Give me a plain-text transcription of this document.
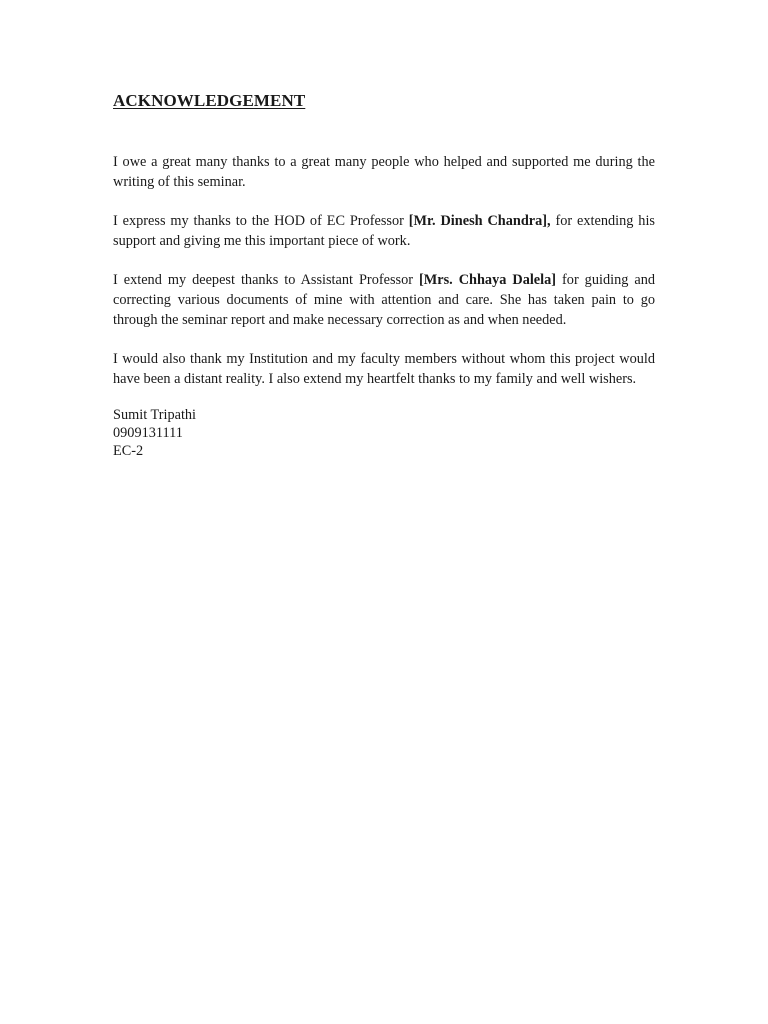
ACKNOWLEDGEMENT

I owe a great many thanks to a great many people who helped and supported me during the writing of this seminar.

I express my thanks to the HOD of EC Professor [Mr. Dinesh Chandra], for extending his support and giving me this important piece of work.

I extend my deepest thanks to Assistant Professor [Mrs. Chhaya Dalela] for guiding and correcting various documents of mine with attention and care. She has taken pain to go through the seminar report and make necessary correction as and when needed.

I would also thank my Institution and my faculty members without whom this project would have been a distant reality. I also extend my heartfelt thanks to my family and well wishers.

Sumit Tripathi
0909131111
EC-2
